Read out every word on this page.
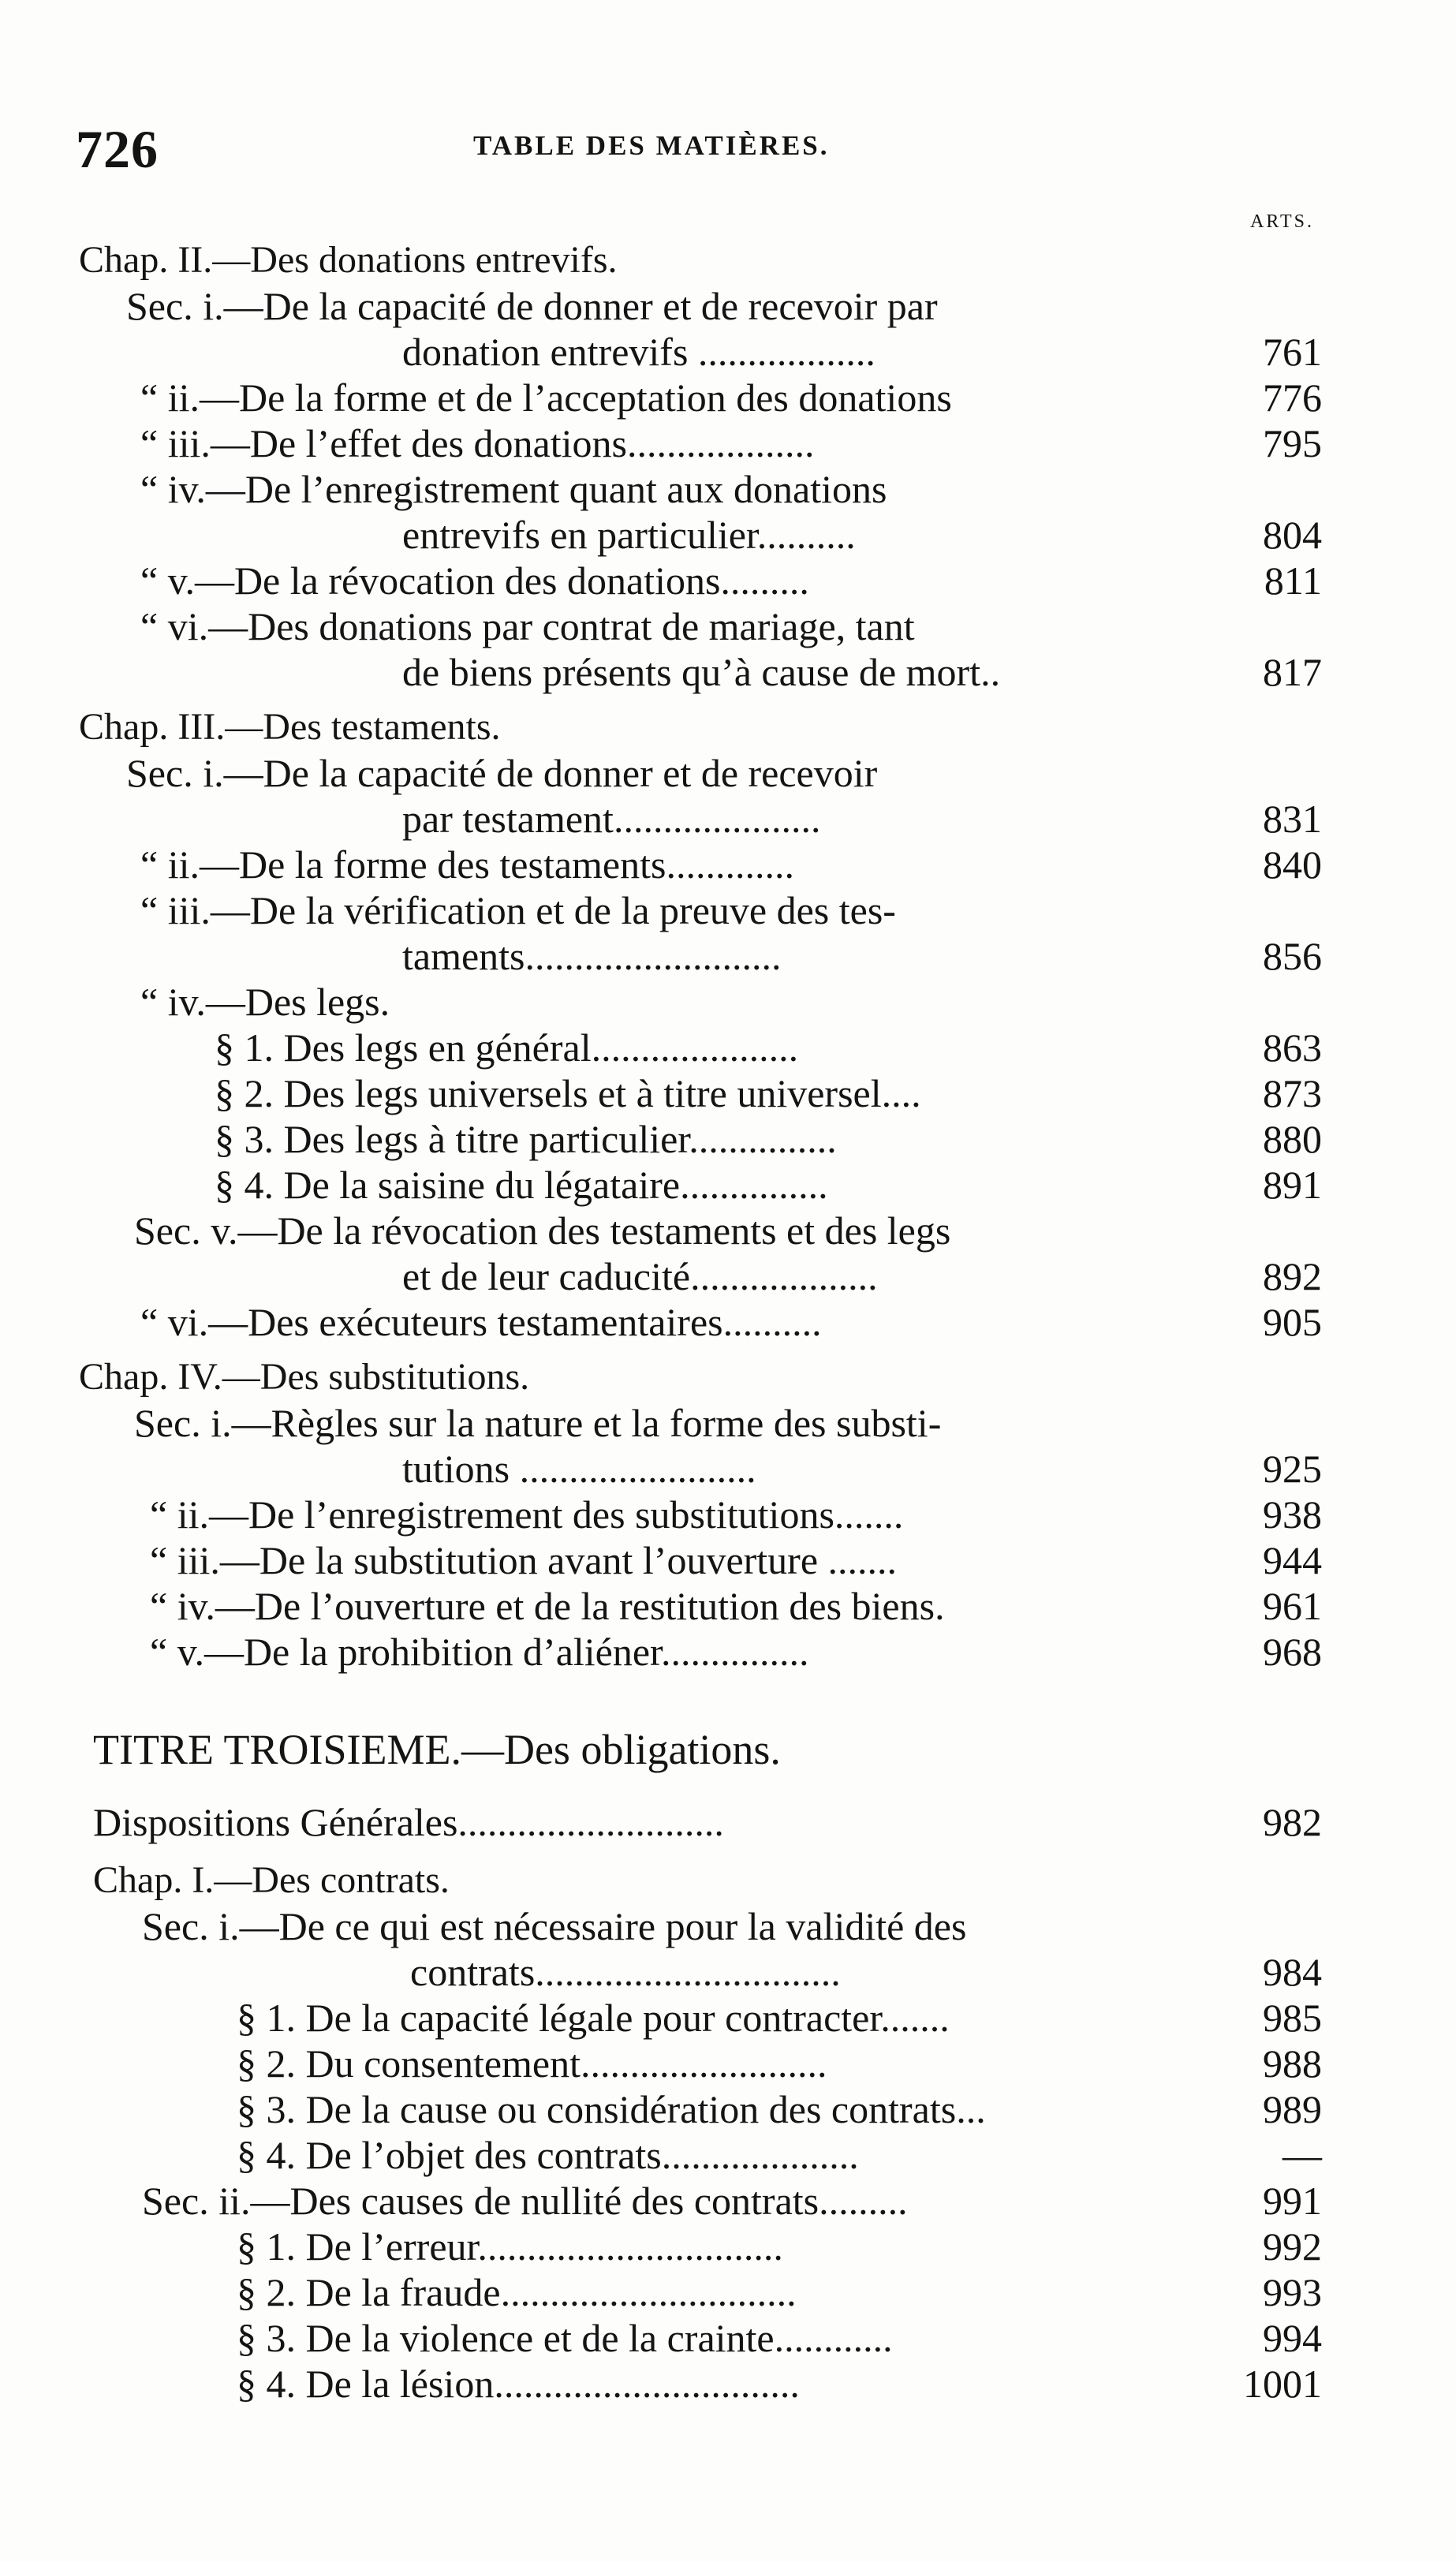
726	TABLE DES MATIÈRES.
ARTS.
Chap. II.—Des donations entrevifs.
Sec. i.—De la capacité de donner et de recevoir par
donation entrevifs ..................	761
“ ii.—De la forme et de l’acceptation des donations	776
“ iii.—De l’effet des donations...................	795
“ iv.—De l’enregistrement quant aux donations
entrevifs en particulier..........	804
“ v.—De la révocation des donations.........	811
“ vi.—Des donations par contrat de mariage, tant
de biens présents qu’à cause de mort..	817
Chap. III.—Des testaments.
Sec. i.—De la capacité de donner et de recevoir
par testament.....................	831
“ ii.—De la forme des testaments.............	840
“ iii.—De la vérification et de la preuve des tes-
taments..........................	856
“ iv.—Des legs.
§ 1. Des legs en général.....................	863
§ 2. Des legs universels et à titre universel....	873
§ 3. Des legs à titre particulier...............	880
§ 4. De la saisine du légataire...............	891
Sec. v.—De la révocation des testaments et des legs
et de leur caducité...................	892
“ vi.—Des exécuteurs testamentaires..........	905
Chap. IV.—Des substitutions.
Sec. i.—Règles sur la nature et la forme des substi-
tutions ........................	925
“ ii.—De l’enregistrement des substitutions.......	938
“ iii.—De la substitution avant l’ouverture .......	944
“ iv.—De l’ouverture et de la restitution des biens.	961
“ v.—De la prohibition d’aliéner...............	968
TITRE TROISIEME.—Des obligations.
Dispositions Générales...........................	982
Chap. I.—Des contrats.
Sec. i.—De ce qui est nécessaire pour la validité des
contrats...............................	984
§ 1. De la capacité légale pour contracter.......	985
§ 2. Du consentement.........................	988
§ 3. De la cause ou considération des contrats...	989
§ 4. De l’objet des contrats....................	—
Sec. ii.—Des causes de nullité des contrats.........	991
§ 1. De l’erreur...............................	992
§ 2. De la fraude..............................	993
§ 3. De la violence et de la crainte............	994
§ 4. De la lésion...............................	1001
